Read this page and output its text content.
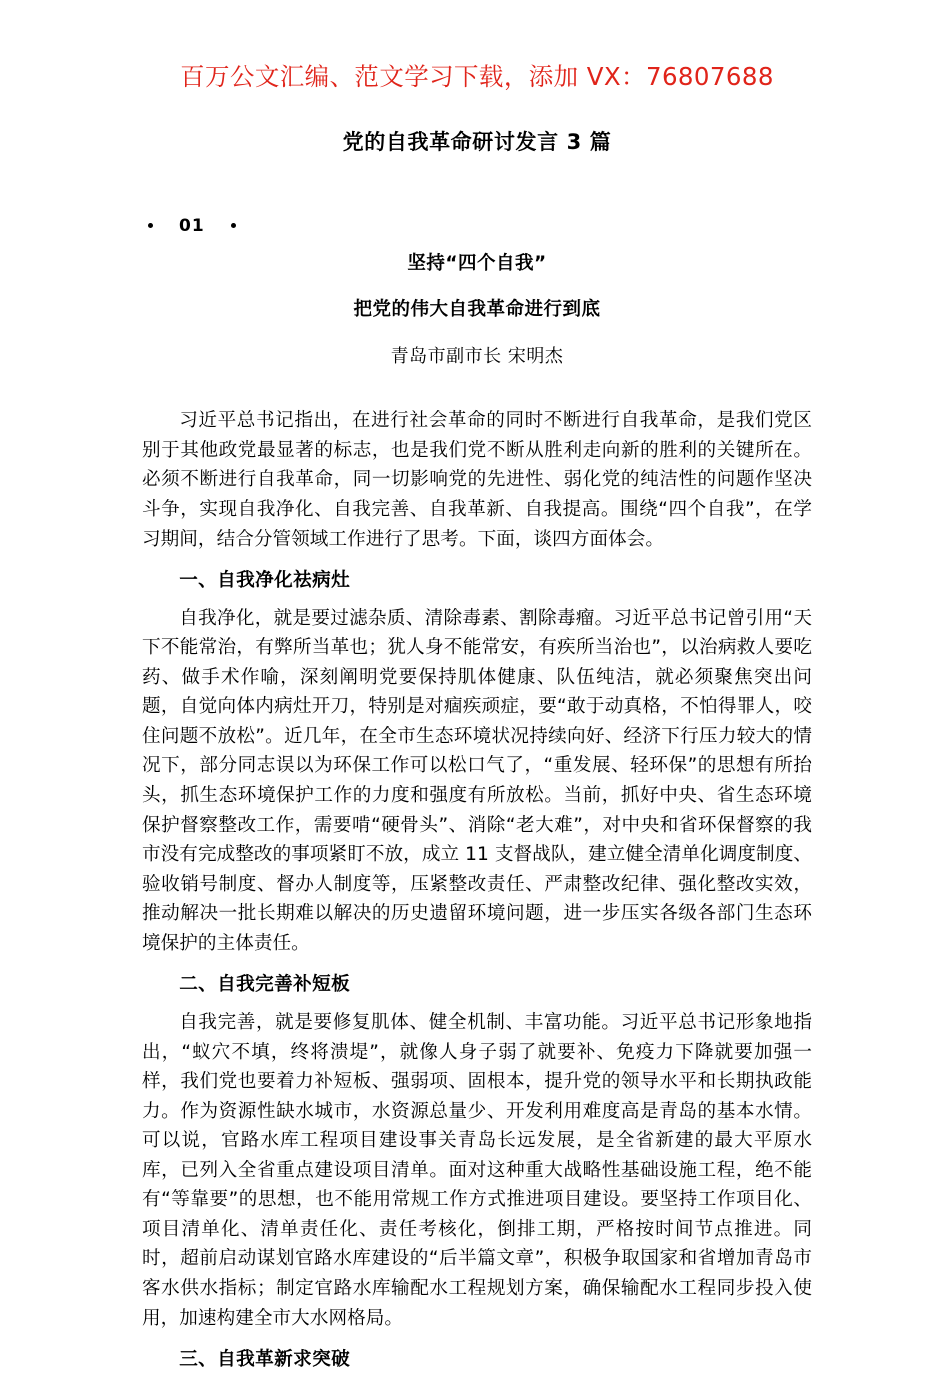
百万公文汇编、范文学习下载，添加 VX：76807688
党的自我革命研讨发言 3 篇
01
坚持“四个自我”
把党的伟大自我革命进行到底
青岛市副市长 宋明杰

习近平总书记指出，在进行社会革命的同时不断进行自我革命，是我们党区别于其他政党最显著的标志，也是我们党不断从胜利走向新的胜利的关键所在。必须不断进行自我革命，同一切影响党的先进性、弱化党的纯洁性的问题作坚决斗争，实现自我净化、自我完善、自我革新、自我提高。围绕“四个自我”，在学习期间，结合分管领域工作进行了思考。下面，谈四方面体会。

一、自我净化祛病灶

自我净化，就是要过滤杂质、清除毒素、割除毒瘤。习近平总书记曾引用“天下不能常治，有弊所当革也；犹人身不能常安，有疾所当治也”，以治病救人要吃药、做手术作喻，深刻阐明党要保持肌体健康、队伍纯洁，就必须聚焦突出问题，自觉向体内病灶开刀，特别是对痼疾顽症，要“敢于动真格，不怕得罪人，咬住问题不放松”。近几年，在全市生态环境状况持续向好、经济下行压力较大的情况下，部分同志误以为环保工作可以松口气了，“重发展、轻环保”的思想有所抬头，抓生态环境保护工作的力度和强度有所放松。当前，抓好中央、省生态环境保护督察整改工作，需要啃“硬骨头”、消除“老大难”，对中央和省环保督察的我市没有完成整改的事项紧盯不放，成立 11 支督战队，建立健全清单化调度制度、验收销号制度、督办人制度等，压紧整改责任、严肃整改纪律、强化整改实效，推动解决一批长期难以解决的历史遗留环境问题，进一步压实各级各部门生态环境保护的主体责任。

二、自我完善补短板

自我完善，就是要修复肌体、健全机制、丰富功能。习近平总书记形象地指出，“蚁穴不填，终将溃堤”，就像人身子弱了就要补、免疫力下降就要加强一样，我们党也要着力补短板、强弱项、固根本，提升党的领导水平和长期执政能力。作为资源性缺水城市，水资源总量少、开发利用难度高是青岛的基本水情。可以说，官路水库工程项目建设事关青岛长远发展，是全省新建的最大平原水库，已列入全省重点建设项目清单。面对这种重大战略性基础设施工程，绝不能有“等靠要”的思想，也不能用常规工作方式推进项目建设。要坚持工作项目化、项目清单化、清单责任化、责任考核化，倒排工期，严格按时间节点推进。同时，超前启动谋划官路水库建设的“后半篇文章”，积极争取国家和省增加青岛市客水供水指标；制定官路水库输配水工程规划方案，确保输配水工程同步投入使用，加速构建全市大水网格局。

三、自我革新求突破
